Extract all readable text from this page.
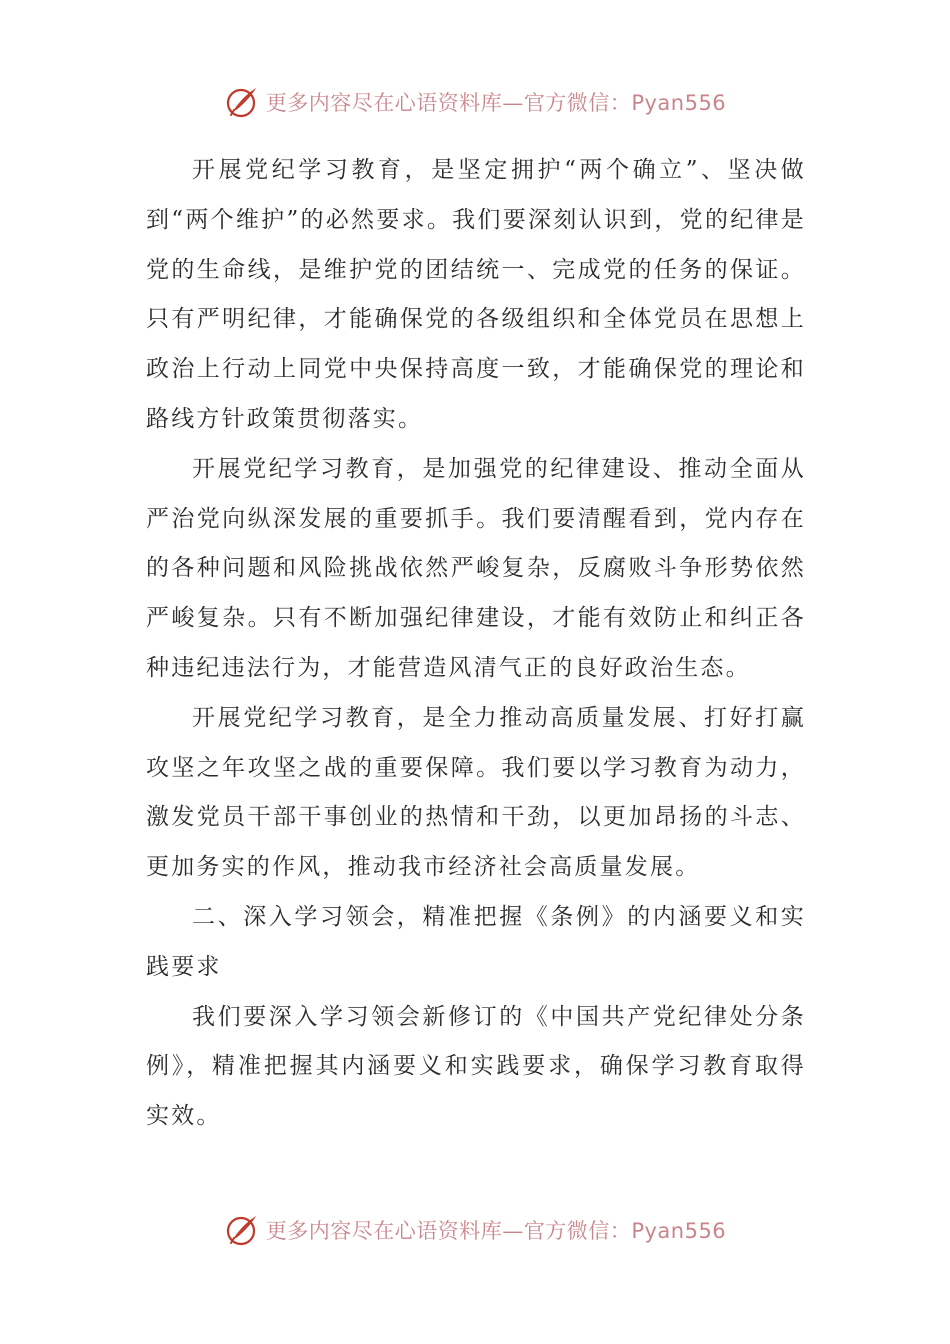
更多内容尽在心语资料库—官方微信：Pyan556

开展党纪学习教育，是坚定拥护“两个确立”、坚决做到“两个维护”的必然要求。我们要深刻认识到，党的纪律是党的生命线，是维护党的团结统一、完成党的任务的保证。只有严明纪律，才能确保党的各级组织和全体党员在思想上政治上行动上同党中央保持高度一致，才能确保党的理论和路线方针政策贯彻落实。

开展党纪学习教育，是加强党的纪律建设、推动全面从严治党向纵深发展的重要抓手。我们要清醒看到，党内存在的各种问题和风险挑战依然严峻复杂，反腐败斗争形势依然严峻复杂。只有不断加强纪律建设，才能有效防止和纠正各种违纪违法行为，才能营造风清气正的良好政治生态。

开展党纪学习教育，是全力推动高质量发展、打好打赢攻坚之年攻坚之战的重要保障。我们要以学习教育为动力，激发党员干部干事创业的热情和干劲，以更加昂扬的斗志、更加务实的作风，推动我市经济社会高质量发展。

二、深入学习领会，精准把握《条例》的内涵要义和实践要求

我们要深入学习领会新修订的《中国共产党纪律处分条例》，精准把握其内涵要义和实践要求，确保学习教育取得实效。

更多内容尽在心语资料库—官方微信：Pyan556
